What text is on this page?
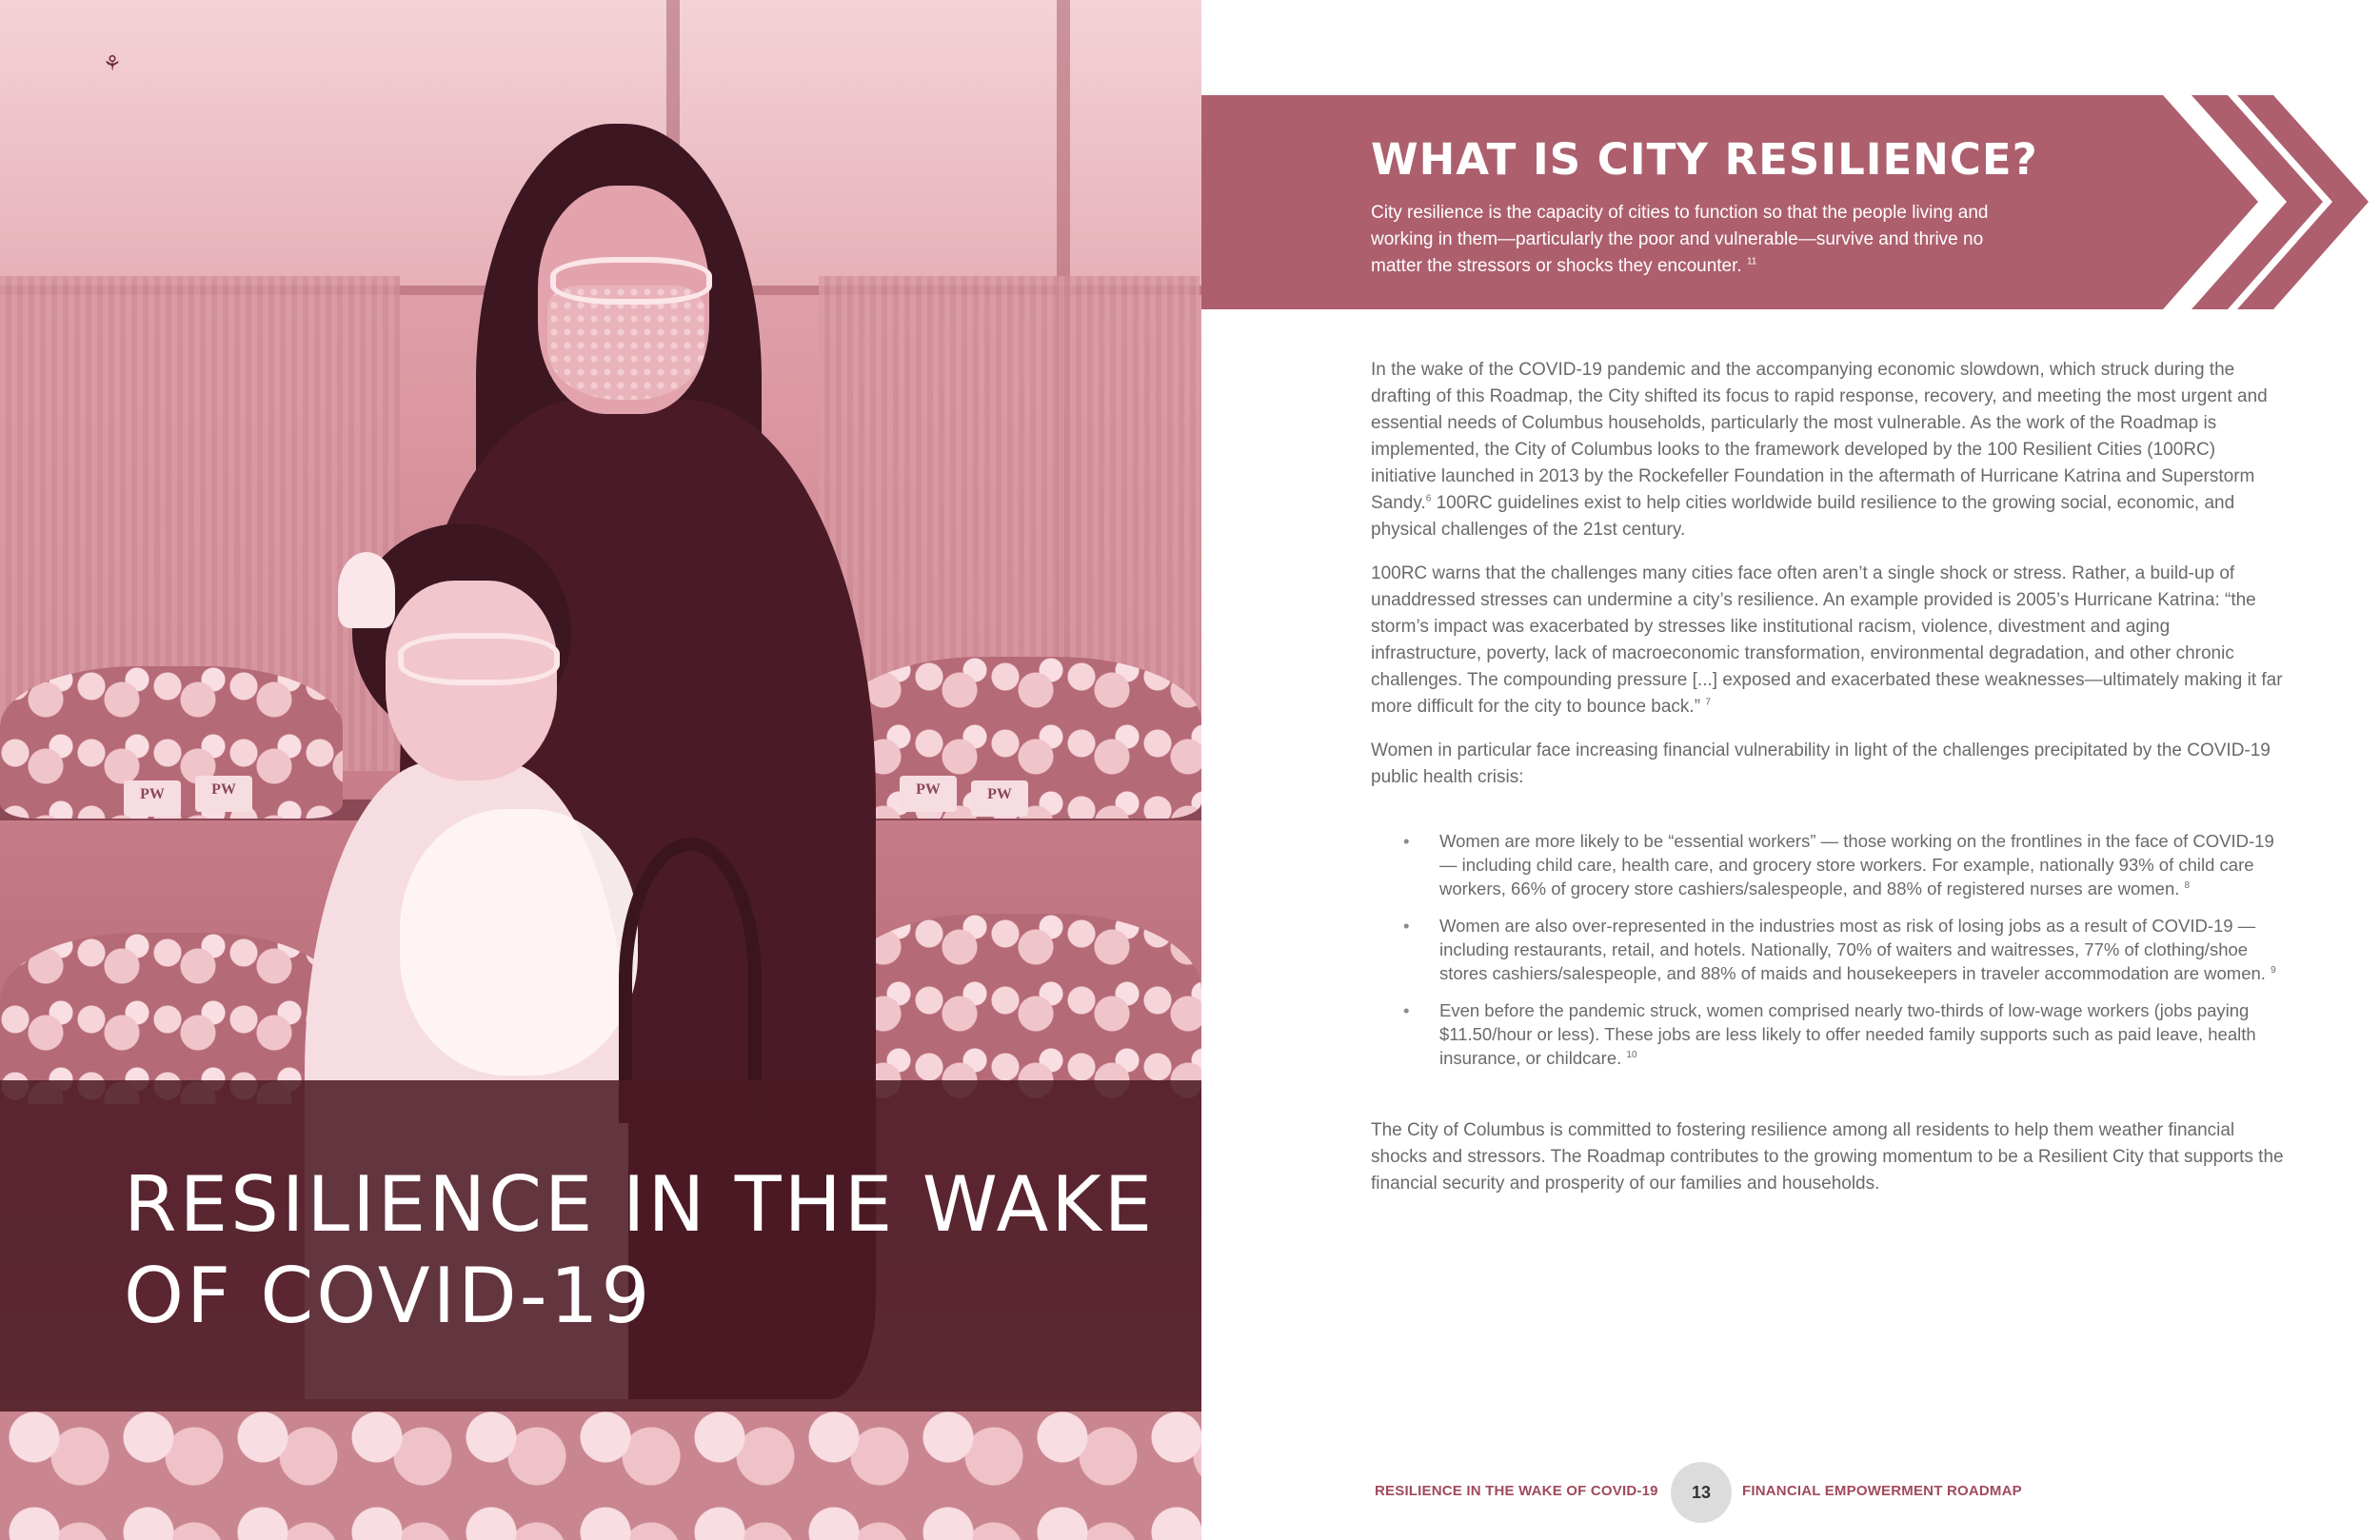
PW	PW	PW	PW
⚘
RESILIENCE IN THE WAKE OF COVID-19
WHAT IS CITY RESILIENCE?

City resilience is the capacity of cities to function so that the people living and working in them—particularly the poor and vulnerable—survive and thrive no matter the stressors or shocks they encounter. $^{11}$

In the wake of the COVID-19 pandemic and the accompanying economic slowdown, which struck during the drafting of this Roadmap, the City shifted its focus to rapid response, recovery, and meeting the most urgent and essential needs of Columbus households, particularly the most vulnerable. As the work of the Roadmap is implemented, the City of Columbus looks to the framework developed by the 100 Resilient Cities (100RC) initiative launched in 2013 by the Rockefeller Foundation in the aftermath of Hurricane Katrina and Superstorm Sandy.$^6$ 100RC guidelines exist to help cities worldwide build resilience to the growing social, economic, and physical challenges of the 21st century.

100RC warns that the challenges many cities face often aren’t a single shock or stress. Rather, a build-up of unaddressed stresses can undermine a city’s resilience. An example provided is 2005’s Hurricane Katrina: “the storm’s impact was exacerbated by stresses like institutional racism, violence, divestment and aging infrastructure, poverty, lack of macroeconomic transformation, environmental degradation, and other chronic challenges. The compounding pressure [...] exposed and exacerbated these weaknesses—ultimately making it far more difficult for the city to bounce back.” $^7$

Women in particular face increasing financial vulnerability in light of the challenges precipitated by the COVID-19 public health crisis:

• Women are more likely to be “essential workers” — those working on the frontlines in the face of COVID-19 — including child care, health care, and grocery store workers. For example, nationally 93% of child care workers, 66% of grocery store cashiers/salespeople, and 88% of registered nurses are women. $^8$
• Women are also over-represented in the industries most as risk of losing jobs as a result of COVID-19 — including restaurants, retail, and hotels. Nationally, 70% of waiters and waitresses, 77% of clothing/shoe stores cashiers/salespeople, and 88% of maids and housekeepers in traveler accommodation are women. $^9$
• Even before the pandemic struck, women comprised nearly two-thirds of low-wage workers (jobs paying $11.50/hour or less). These jobs are less likely to offer needed family supports such as paid leave, health insurance, or childcare. $^{10}$

The City of Columbus is committed to fostering resilience among all residents to help them weather financial shocks and stressors. The Roadmap contributes to the growing momentum to be a Resilient City that supports the financial security and prosperity of our families and households.

RESILIENCE IN THE WAKE OF COVID-19	13	FINANCIAL EMPOWERMENT ROADMAP
